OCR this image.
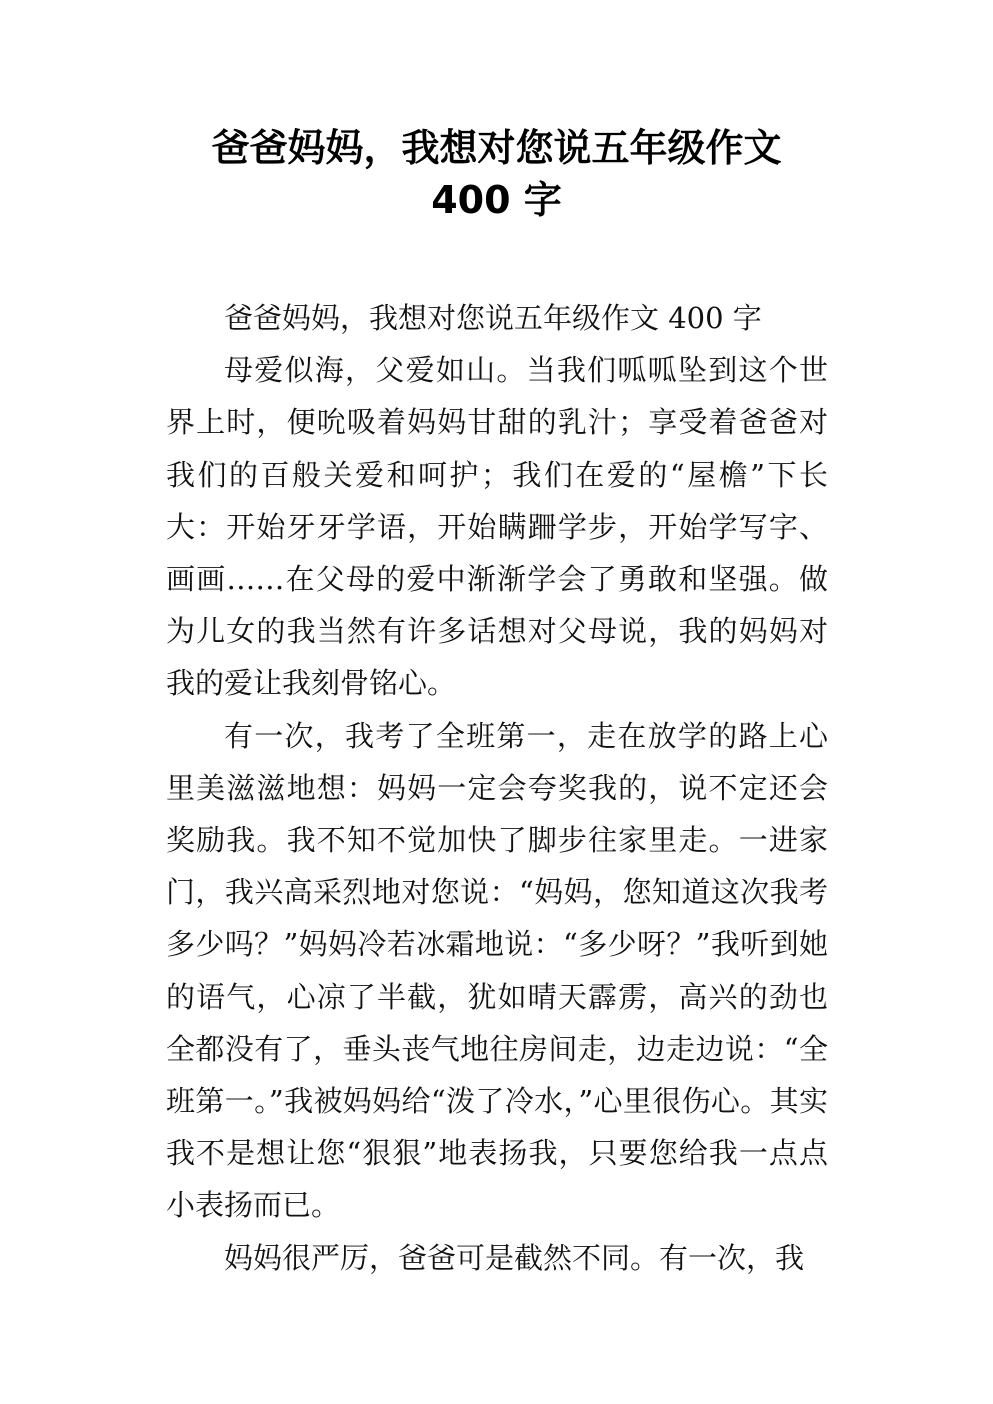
爸爸妈妈，我想对您说五年级作文
400 字

爸爸妈妈，我想对您说五年级作文 400 字

母爱似海，父爱如山。当我们呱呱坠到这个世界上时，便吮吸着妈妈甘甜的乳汁；享受着爸爸对我们的百般关爱和呵护；我们在爱的“屋檐”下长大：开始牙牙学语，开始瞒跚学步，开始学写字、画画……在父母的爱中渐渐学会了勇敢和坚强。做为儿女的我当然有许多话想对父母说，我的妈妈对我的爱让我刻骨铭心。

有一次，我考了全班第一，走在放学的路上心里美滋滋地想：妈妈一定会夸奖我的，说不定还会奖励我。我不知不觉加快了脚步往家里走。一进家门，我兴高采烈地对您说：“妈妈，您知道这次我考多少吗？”妈妈冷若冰霜地说：“多少呀？”我听到她的语气，心凉了半截，犹如晴天霹雳，高兴的劲也全都没有了，垂头丧气地往房间走，边走边说：“全班第一。”我被妈妈给“泼了冷水，”心里很伤心。其实我不是想让您“狠狠”地表扬我，只要您给我一点点小表扬而已。

妈妈很严厉，爸爸可是截然不同。有一次，我
